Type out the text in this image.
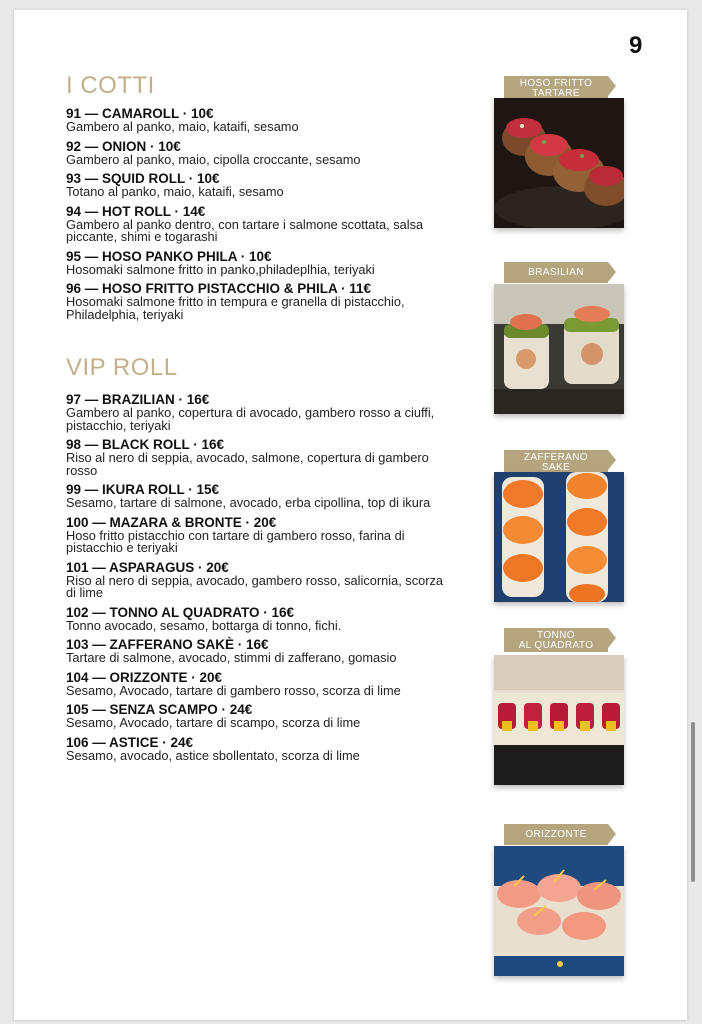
9
I COTTI
91 — CAMAROLL · 10€
Gambero al panko, maio, kataifi, sesamo
92 — ONION · 10€
Gambero al panko, maio, cipolla croccante, sesamo
93 — SQUID ROLL · 10€
Totano al panko, maio, kataifi, sesamo
94 — HOT ROLL · 14€
Gambero al panko dentro, con tartare i salmone scottata, salsa piccante, shimi e togarashi
95 — HOSO PANKO PHILA · 10€
Hosomaki salmone fritto in panko,philadeplhia, teriyaki
96 — HOSO FRITTO PISTACCHIO & PHILA · 11€
Hosomaki salmone fritto in tempura e granella di pistacchio, Philadelphia, teriyaki
VIP ROLL
97 — BRAZILIAN · 16€
Gambero al panko, copertura di avocado, gambero rosso a ciuffi, pistacchio, teriyaki
98 — BLACK ROLL · 16€
Riso al nero di seppia, avocado, salmone, copertura di gambero rosso
99 — IKURA ROLL · 15€
Sesamo, tartare di salmone, avocado, erba cipollina, top di ikura
100 — MAZARA & BRONTE · 20€
Hoso fritto pistacchio con tartare di gambero rosso, farina di pistacchio e teriyaki
101 — ASPARAGUS · 20€
Riso al nero di seppia, avocado, gambero rosso, salicornia, scorza di lime
102 — TONNO AL QUADRATO · 16€
Tonno avocado, sesamo, bottarga di tonno, fichi.
103 — ZAFFERANO SAKÈ · 16€
Tartare di salmone, avocado, stimmi di zafferano, gomasio
104 — ORIZZONTE · 20€
Sesamo, Avocado, tartare di gambero rosso, scorza di lime
105 — SENZA SCAMPO · 24€
Sesamo, Avocado, tartare di scampo, scorza di lime
106 — ASTICE · 24€
Sesamo, avocado, astice sbollentato, scorza di lime
HOSO FRITTO
TARTARE
BRASILIAN
ZAFFERANO
SAKE
TONNO
AL QUADRATO
ORIZZONTE
